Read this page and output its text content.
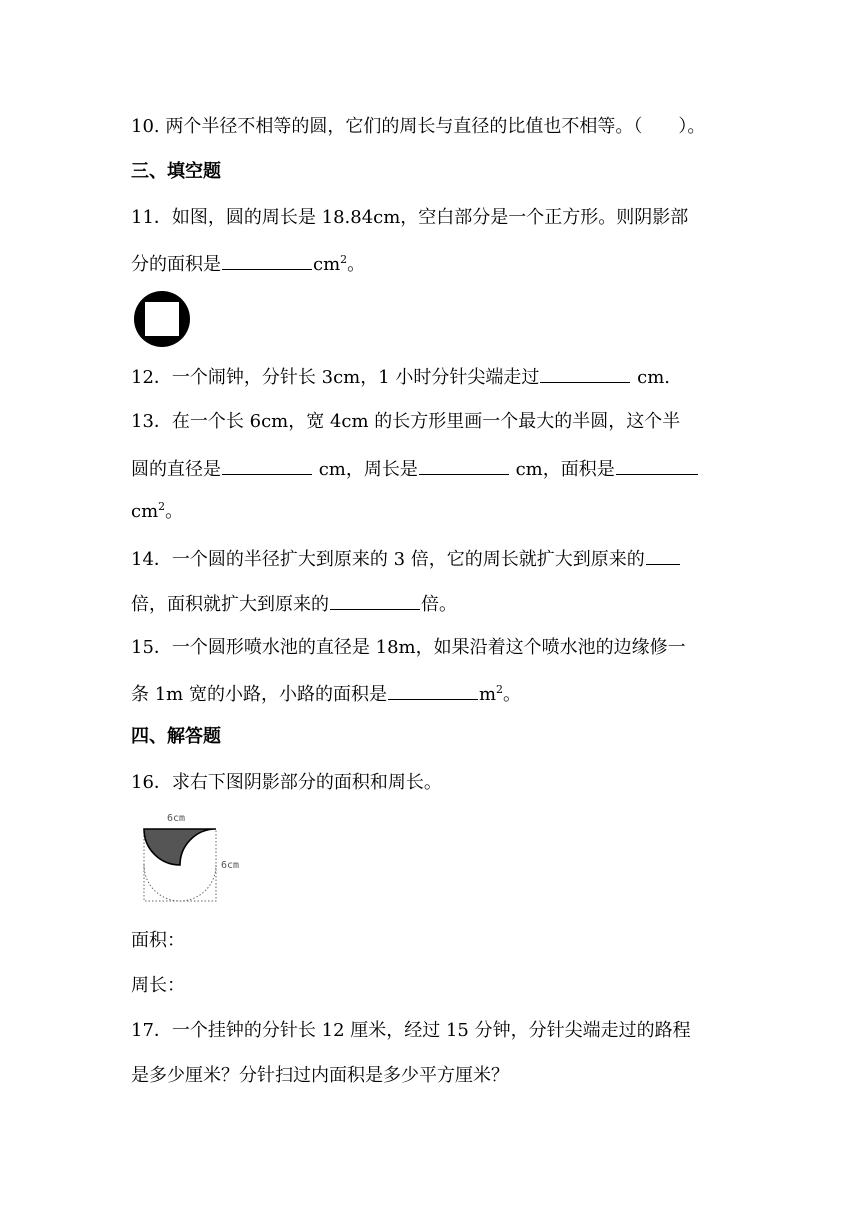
10. 两个半径不相等的圆，它们的周长与直径的比值也不相等。（　　）。
三、填空题
11．如图，圆的周长是 18.84cm，空白部分是一个正方形。则阴影部
分的面积是	$cm^2$。
12．一个闹钟，分针长 3cm，1 小时分针尖端走过	cm.
13．在一个长 6cm，宽 4cm 的长方形里画一个最大的半圆，这个半
圆的直径是	cm，周长是	cm，面积是
$cm^2$。
14．一个圆的半径扩大到原来的 3 倍，它的周长就扩大到原来的
倍，面积就扩大到原来的	倍。
15．一个圆形喷水池的直径是 18m，如果沿着这个喷水池的边缘修一
条 1m 宽的小路，小路的面积是	$m^2$。
四、解答题
16．求右下图阴影部分的面积和周长。
6cm
6cm
面积：
周长：
17．一个挂钟的分针长 12 厘米，经过 15 分钟，分针尖端走过的路程
是多少厘米？分针扫过内面积是多少平方厘米？
